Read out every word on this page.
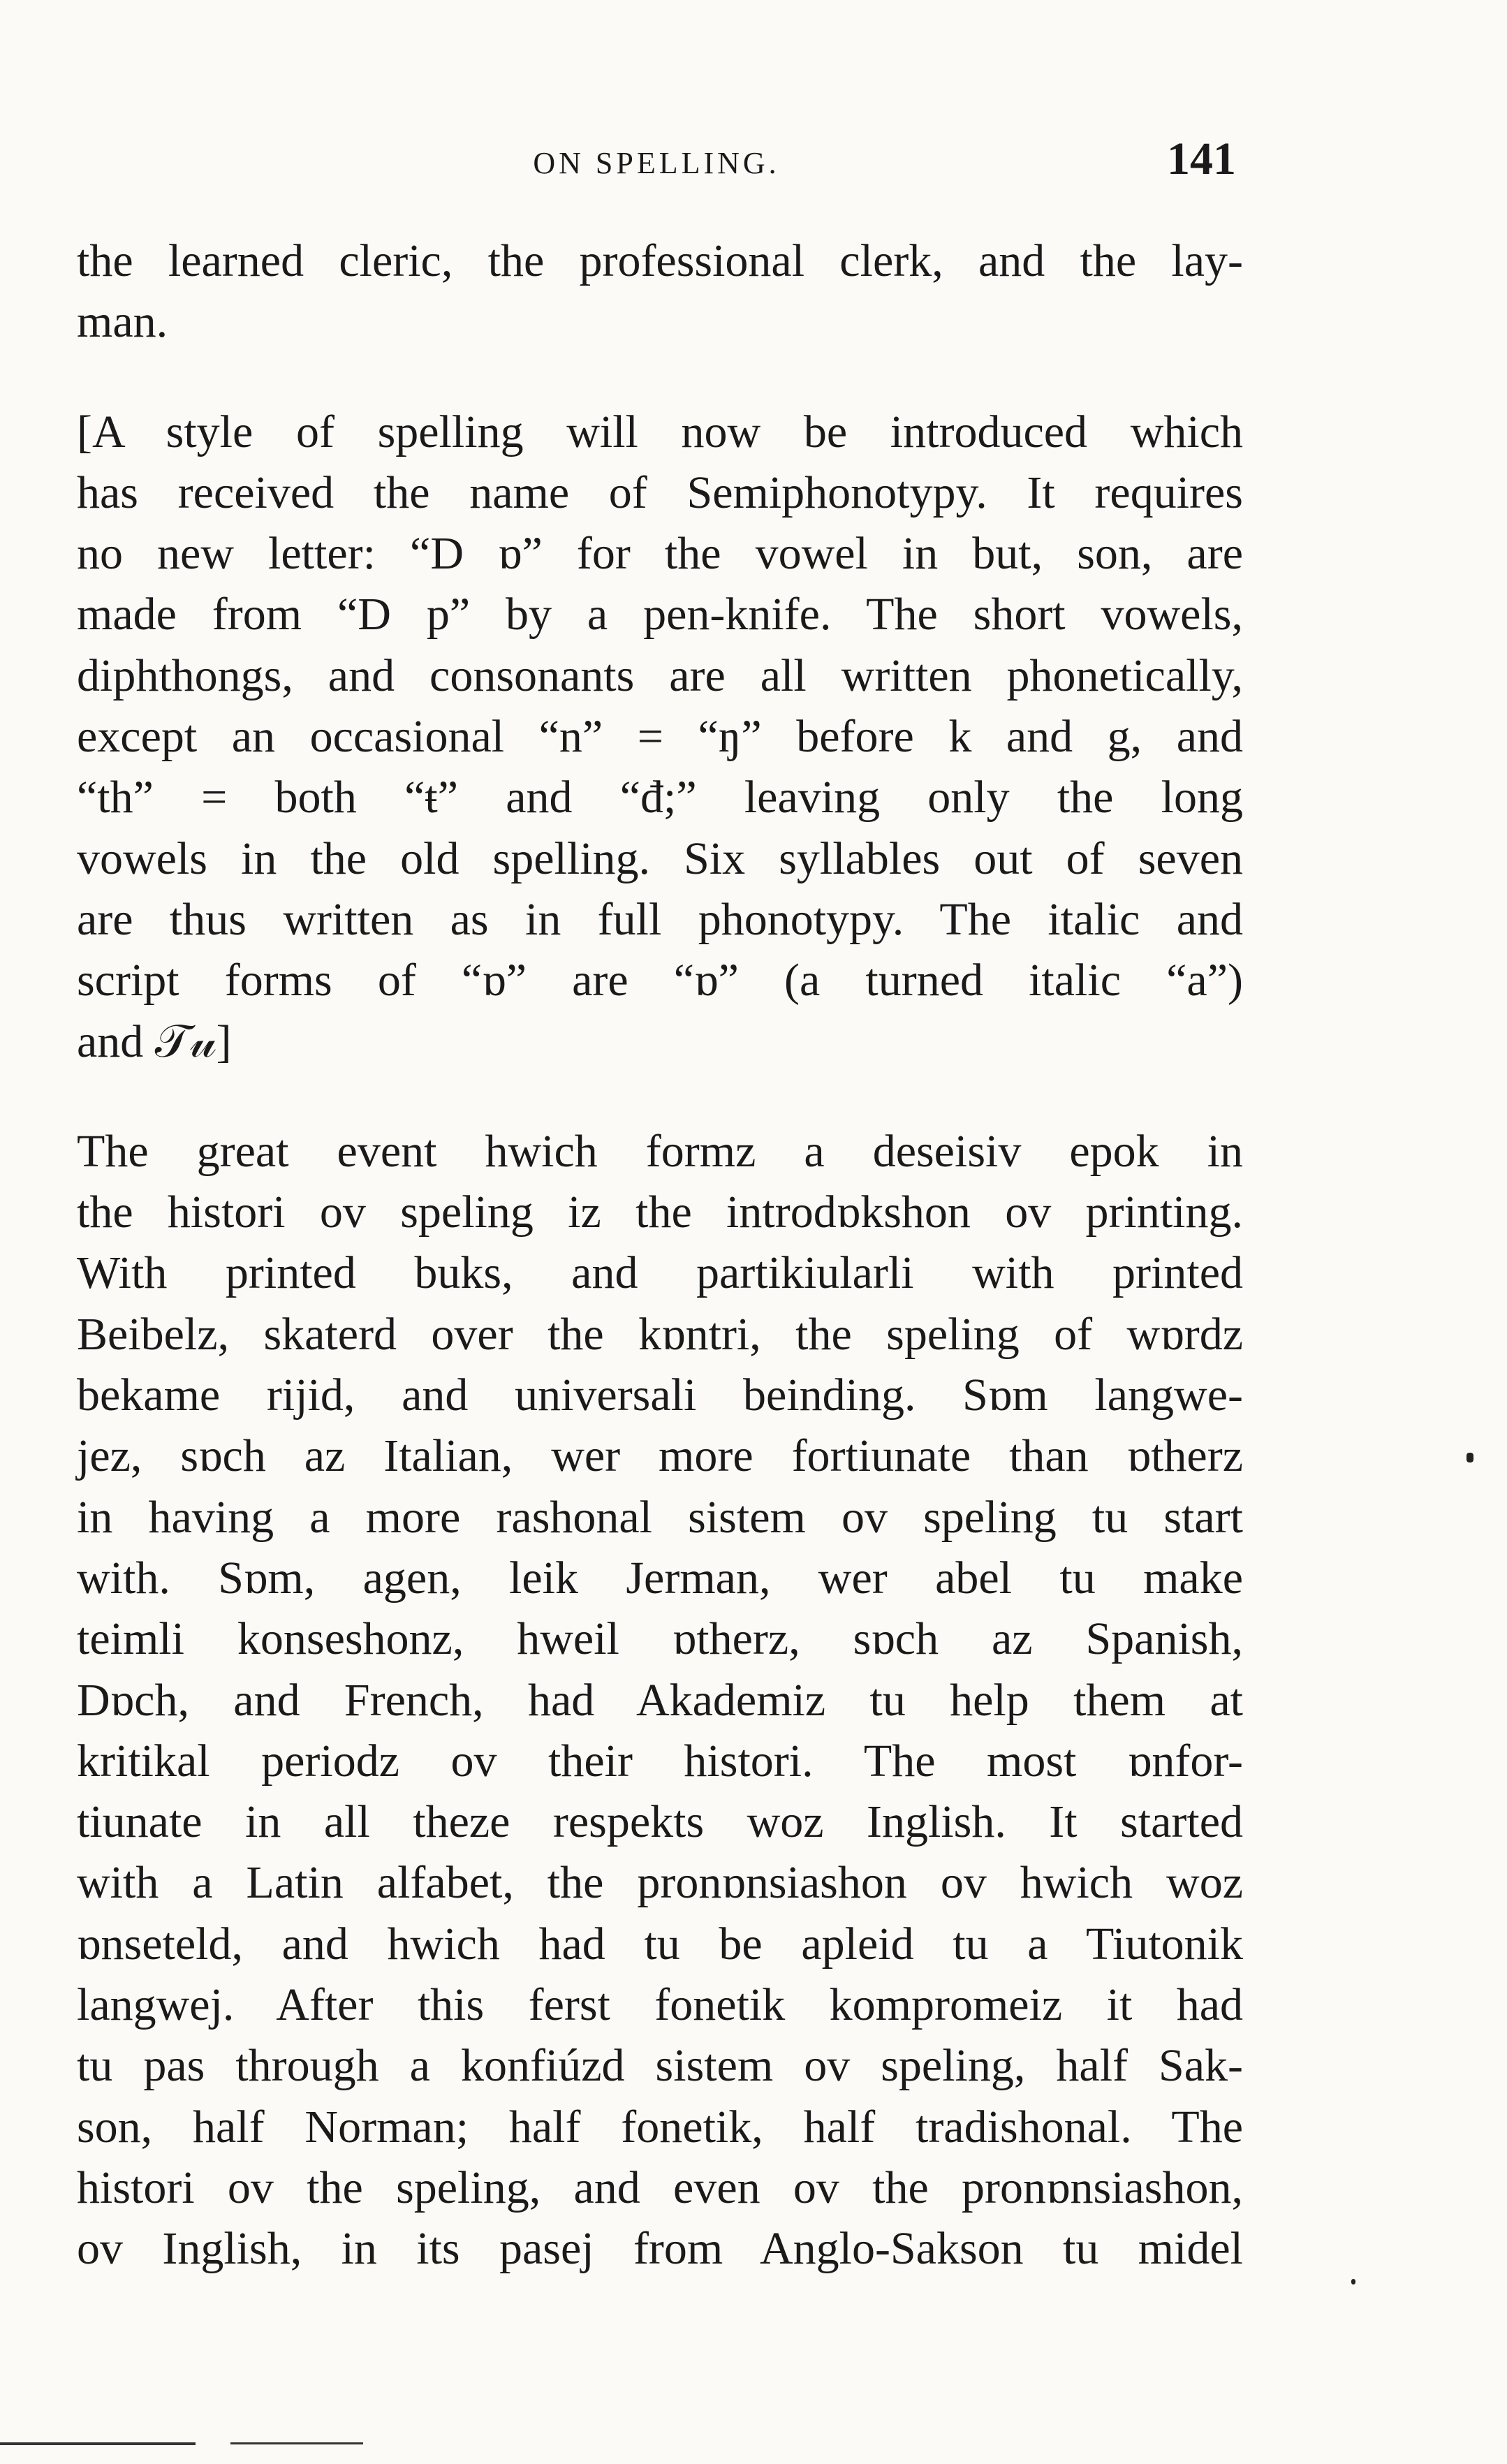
ON SPELLING.	141
the learned cleric, the professional clerk, and the lay-
man.
[A style of spelling will now be introduced which
has received the name of Semiphonotypy. It requires
no new letter: “D ɒ” for the vowel in but, son, are
made from “D p” by a pen-knife. The short vowels,
diphthongs, and consonants are all written phonetically,
except an occasional “n” = “ŋ” before k and g, and
“th” = both “ŧ” and “đ;” leaving only the long
vowels in the old spelling. Six syllables out of seven
are thus written as in full phonotypy. The italic and
script forms of “ɒ” are “ɒ” (a turned italic “a”)
and 𝒯𝓊]
The great event hwich formz a deseisiv epok in
the histori ov speling iz the introdɒkshon ov printing.
With printed buks, and partikiularli with printed
Beibelz, skaterd over the kɒntri, the speling of wɒrdz
bekame rijid, and universali beinding. Sɒm langwe-
jez, sɒch az Italian, wer more fortiunate than ɒtherz
in having a more rashonal sistem ov speling tu start
with. Sɒm, agen, leik Jerman, wer abel tu make
teimli konseshonz, hweil ɒtherz, sɒch az Spanish,
Dɒch, and French, had Akademiz tu help them at
kritikal periodz ov their histori. The most ɒnfor-
tiunate in all theze respekts woz Inglish. It started
with a Latin alfabet, the pronɒnsiashon ov hwich woz
ɒnseteld, and hwich had tu be apleid tu a Tiutonik
langwej. After this ferst fonetik kompromeiz it had
tu pas through a konfiúzd sistem ov speling, half Sak-
son, half Norman; half fonetik, half tradishonal. The
histori ov the speling, and even ov the pronɒnsiashon,
ov Inglish, in its pasej from Anglo-Sakson tu midel
